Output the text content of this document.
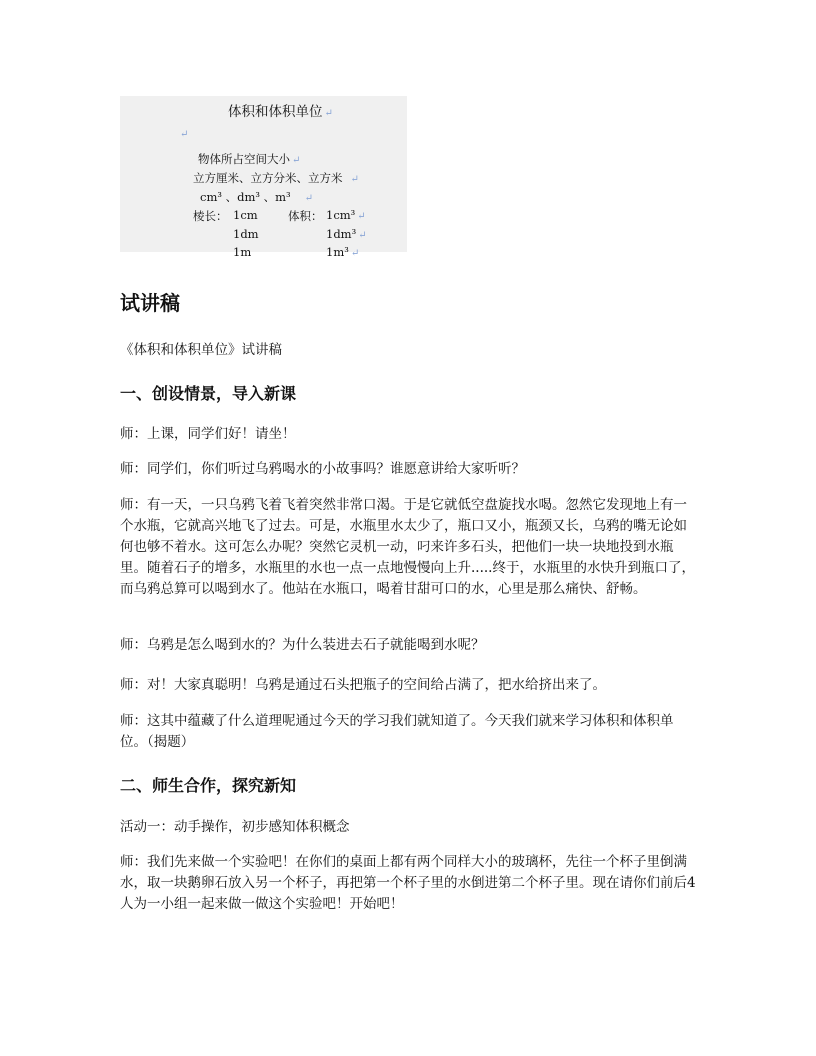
体积和体积单位 ↵
↵
物体所占空间大小 ↵
立方厘米、立方分米、立方米 ↵
cm³ 、dm³ 、m³ ↵
棱长： 1cm	体积： 1cm³ ↵
1dm	1dm³ ↵
1m	1m³ ↵
试讲稿

《体积和体积单位》试讲稿

一、创设情景，导入新课

师：上课，同学们好！请坐！

师：同学们，你们听过乌鸦喝水的小故事吗？谁愿意讲给大家听听？

师：有一天，一只乌鸦飞着飞着突然非常口渴。于是它就低空盘旋找水喝。忽然它发现地上有一个水瓶，它就高兴地飞了过去。可是，水瓶里水太少了，瓶口又小，瓶颈又长，乌鸦的嘴无论如何也够不着水。这可怎么办呢？突然它灵机一动，叼来许多石头，把他们一块一块地投到水瓶里。随着石子的增多，水瓶里的水也一点一点地慢慢向上升.....终于，水瓶里的水快升到瓶口了，而乌鸦总算可以喝到水了。他站在水瓶口，喝着甘甜可口的水，心里是那么痛快、舒畅。

师：乌鸦是怎么喝到水的？为什么装进去石子就能喝到水呢？

师：对！大家真聪明！乌鸦是通过石头把瓶子的空间给占满了，把水给挤出来了。

师：这其中蕴藏了什么道理呢通过今天的学习我们就知道了。今天我们就来学习体积和体积单位。（揭题）

二、师生合作，探究新知

活动一：动手操作，初步感知体积概念

师：我们先来做一个实验吧！在你们的桌面上都有两个同样大小的玻璃杯，先往一个杯子里倒满水，取一块鹅卵石放入另一个杯子，再把第一个杯子里的水倒进第二个杯子里。现在请你们前后4人为一小组一起来做一做这个实验吧！开始吧！
